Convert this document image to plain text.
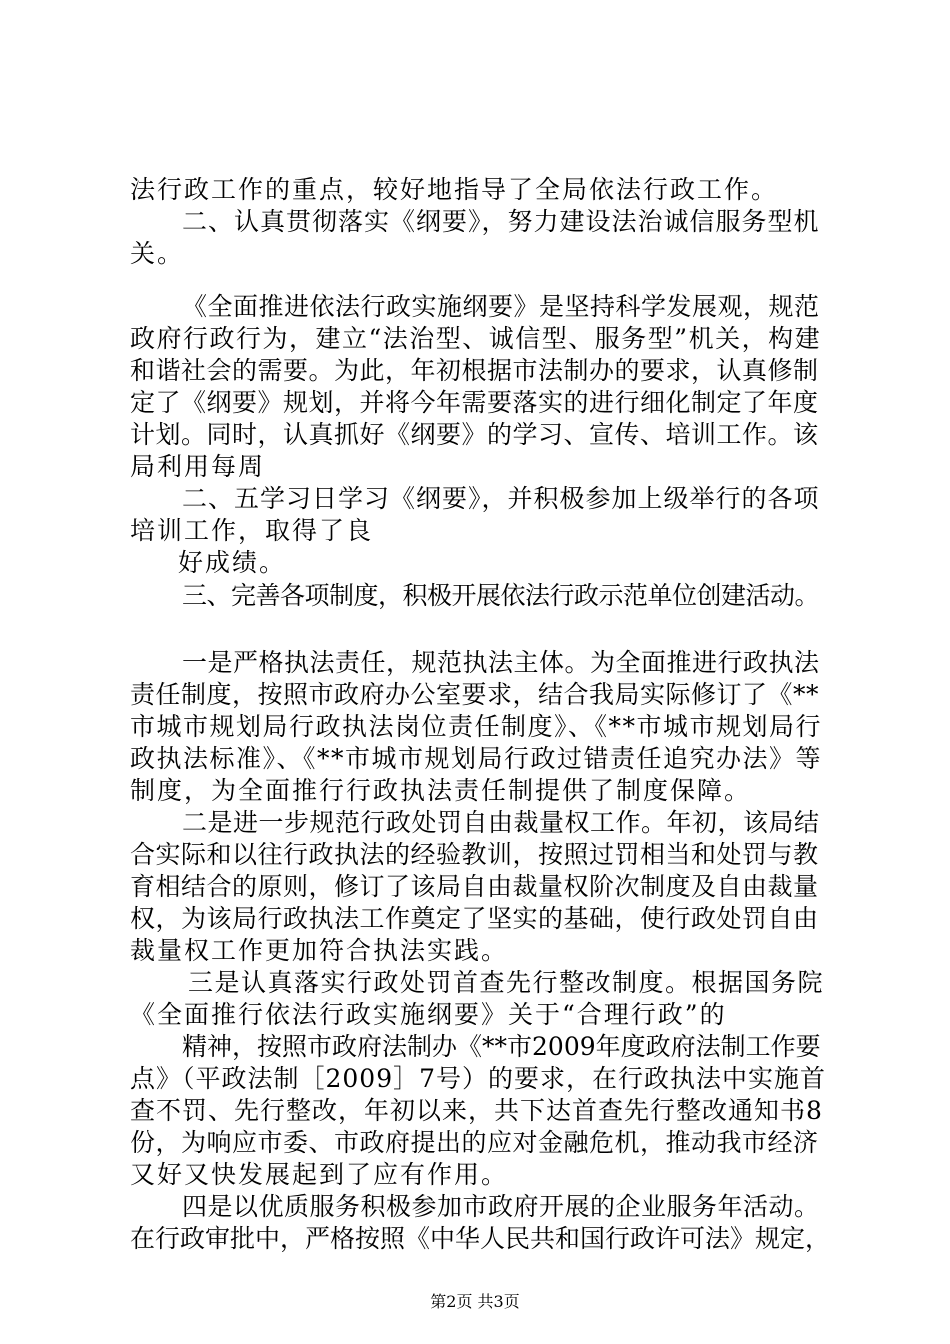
法行政工作的重点，较好地指导了全局依法行政工作。
二、认真贯彻落实《纲要》，努力建设法治诚信服务型机
关。
《全面推进依法行政实施纲要》是坚持科学发展观，规范
政府行政行为，建立“法治型、诚信型、服务型”机关，构建
和谐社会的需要。为此，年初根据市法制办的要求，认真修制
定了《纲要》规划，并将今年需要落实的进行细化制定了年度
计划。同时，认真抓好《纲要》的学习、宣传、培训工作。该
局利用每周
二、五学习日学习《纲要》，并积极参加上级举行的各项
培训工作，取得了良
好成绩。
三、完善各项制度，积极开展依法行政示范单位创建活动。
一是严格执法责任，规范执法主体。为全面推进行政执法
责任制度，按照市政府办公室要求，结合我局实际修订了《**
市城市规划局行政执法岗位责任制度》、《**市城市规划局行
政执法标准》、《**市城市规划局行政过错责任追究办法》等
制度，为全面推行行政执法责任制提供了制度保障。
二是进一步规范行政处罚自由裁量权工作。年初，该局结
合实际和以往行政执法的经验教训，按照过罚相当和处罚与教
育相结合的原则，修订了该局自由裁量权阶次制度及自由裁量
权，为该局行政执法工作奠定了坚实的基础，使行政处罚自由
裁量权工作更加符合执法实践。
三是认真落实行政处罚首查先行整改制度。根据国务院
《全面推行依法行政实施纲要》关于“合理行政”的
精神，按照市政府法制办《**市2009年度政府法制工作要
点》（平政法制［2009］7号）的要求，在行政执法中实施首
查不罚、先行整改，年初以来，共下达首查先行整改通知书8
份，为响应市委、市政府提出的应对金融危机，推动我市经济
又好又快发展起到了应有作用。
四是以优质服务积极参加市政府开展的企业服务年活动。
在行政审批中，严格按照《中华人民共和国行政许可法》规定，
第2页 共3页
